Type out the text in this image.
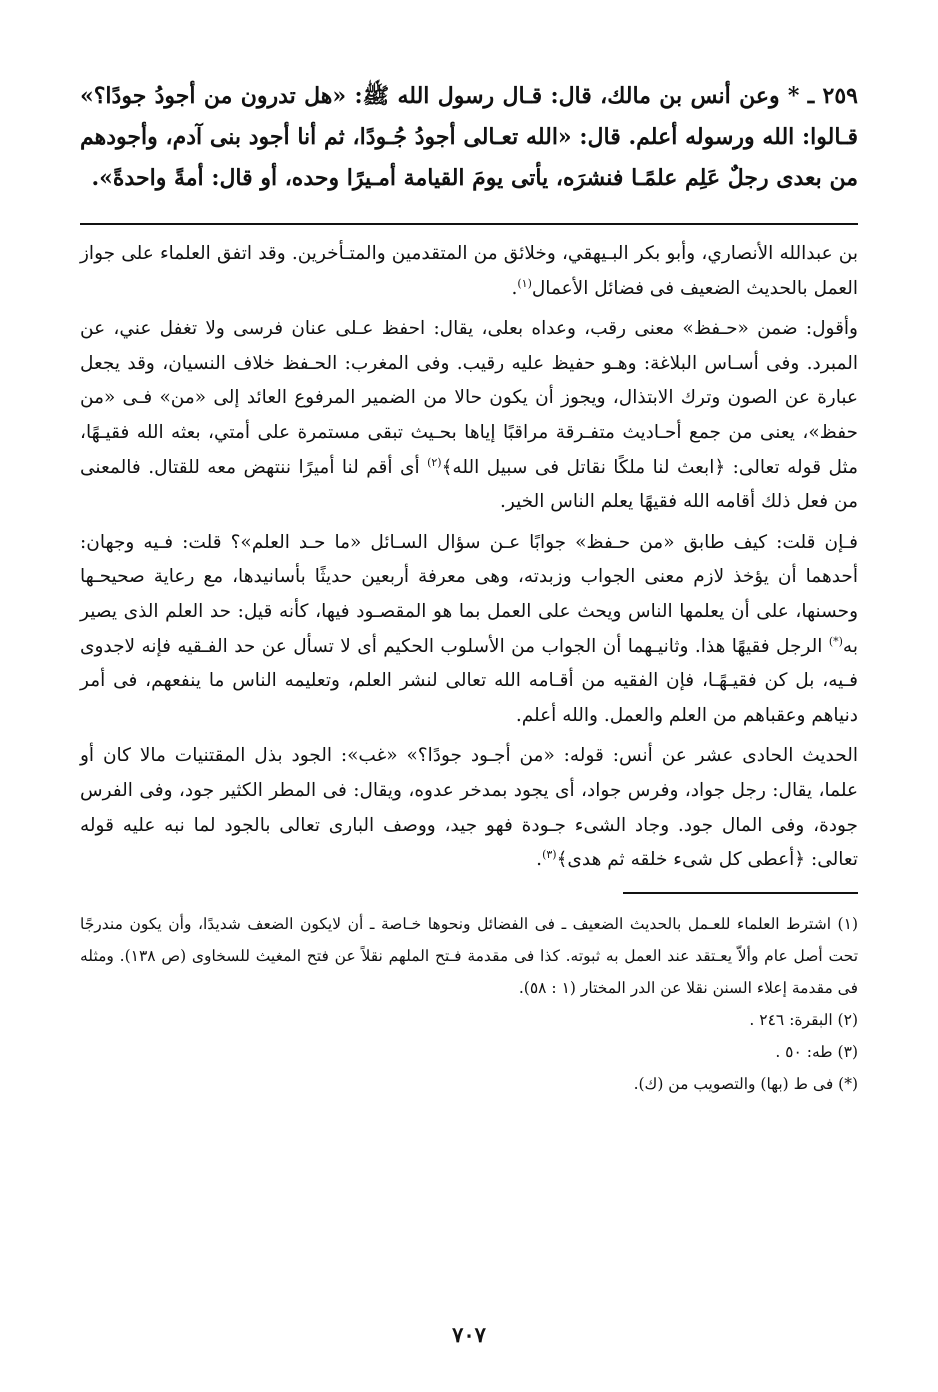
٢٥٩ ـ * وعن أنس بن مالك، قال: قـال رسول الله ﷺ: «هل تدرون من أجودُ جودًا؟» قـالوا: الله ورسوله أعلم. قال: «الله تعـالى أجودُ جُـودًا، ثم أنا أجود بنى آدم، وأجودهم من بعدى رجلٌ عَلِم علمًـا فنشرَه، يأتى يومَ القيامة أمـيرًا وحده، أو قال: أمةً واحدةً».

بن عبدالله الأنصاري، وأبو بكر البـيهقي، وخلائق من المتقدمين والمتـأخرين. وقد اتفق العلماء على جواز العمل بالحديث الضعيف فى فضائل الأعمال$^{(١)}$.

وأقول: ضمن «حـفظ» معنى رقب، وعداه بعلى، يقال: احفظ عـلى عنان فرسى ولا تغفل عني، عن المبرد. وفى أسـاس البلاغة: وهـو حفيظ عليه رقيب. وفى المغرب: الحـفظ خلاف النسيان، وقد يجعل عبارة عن الصون وترك الابتذال، ويجوز أن يكون حالا من الضمير المرفوع العائد إلى «من» فـى «من حفظ»، يعنى من جمع أحـاديث متفـرقة مراقبًا إياها بحـيث تبقى مستمرة على أمتي، بعثه الله فقيـهًا، مثل قوله تعالى: ﴿ابعث لنا ملكًا نقاتل فى سبيل الله﴾$^{(٢)}$ أى أقم لنا أميرًا ننتهض معه للقتال. فالمعنى من فعل ذلك أقامه الله فقيهًا يعلم الناس الخير.

فـإن قلت: كيف طابق «من حـفظ» جوابًا عـن سؤال السـائل «ما حـد العلم»؟ قلت: فـيه وجهان: أحدهما أن يؤخذ لازم معنى الجواب وزبدته، وهى معرفة أربعين حديثًا بأسانيدها، مع رعاية صحيحـها وحسنها، على أن يعلمها الناس ويحث على العمل بما هو المقصـود فيها، كأنه قيل: حد العلم الذى يصير به(*) الرجل فقيهًا هذا. وثانيـهما أن الجواب من الأسلوب الحكيم أى لا تسأل عن حد الفـقيه فإنه لاجدوى فـيه، بل كن فقيـهًـا، فإن الفقيه من أقـامه الله تعالى لنشر العلم، وتعليمه الناس ما ينفعهم، فى أمر دنياهم وعقباهم من العلم والعمل. والله أعلم.

الحديث الحادى عشر عن أنس: قوله: «من أجـود جودًا؟» «غب»: الجود بذل المقتنيات مالا كان أو علما، يقال: رجل جواد، وفرس جواد، أى يجود بمدخر عدوه، ويقال: فى المطر الكثير جود، وفى الفرس جودة، وفى المال جود. وجاد الشىء جـودة فهو جيد، ووصف البارى تعالى بالجود لما نبه عليه قوله تعالى: ﴿أعطى كل شىء خلقه ثم هدى﴾$^{(٣)}$.

(١) اشترط العلماء للعـمل بالحديث الضعيف ـ فى الفضائل ونحوها خـاصة ـ أن لايكون الضعف شديدًا، وأن يكون مندرجًا تحت أصل عام وألاّ يعـتقد عند العمل به ثبوته. كذا فى مقدمة فـتح الملهم نقلاً عن فتح المغيث للسخاوى (ص ١٣٨). ومثله فى مقدمة إعلاء السنن نقلا عن الدر المختار (١ : ٥٨).

(٢) البقرة: ٢٤٦ .

(٣) طه: ٥٠ .

(*) فى ط (بها) والتصويب من (ك).

٧٠٧
